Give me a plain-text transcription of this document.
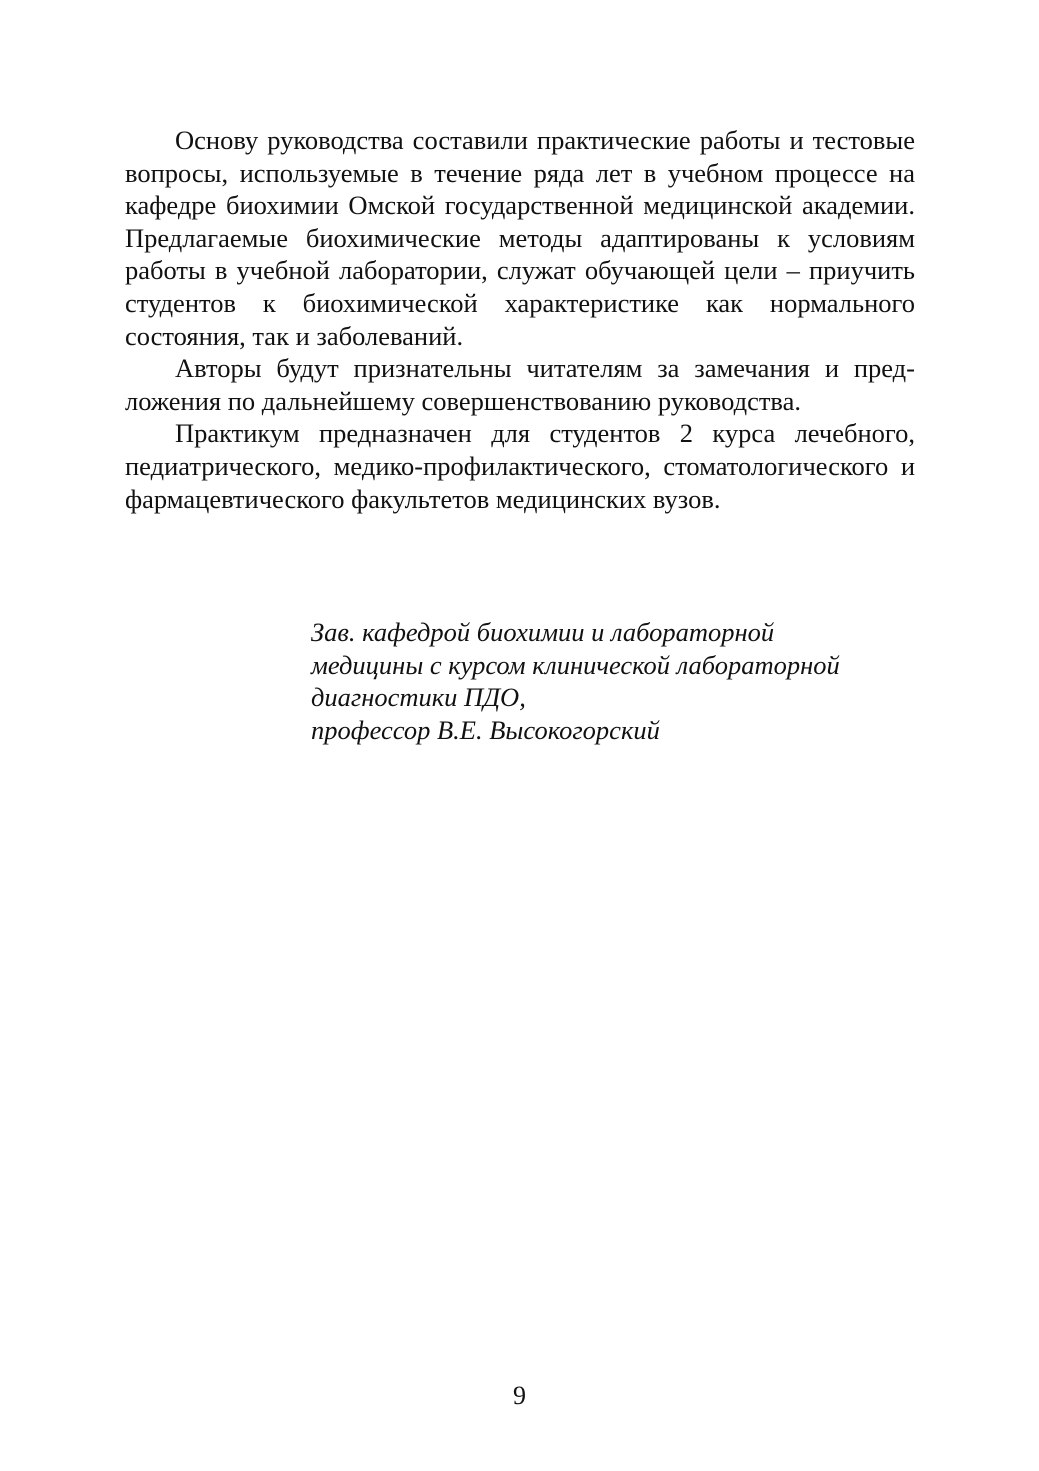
Основу руководства составили практические работы и тестовые вопросы, используемые в течение ряда лет в учебном процессе на кафедре биохимии Омской государственной медицинской академии. Предлагаемые биохимические методы адаптированы к условиям работы в учебной лаборатории, служат обучающей цели – приучить студентов к биохимической характеристике как нормального состояния, так и заболеваний.

Авторы будут признательны читателям за замечания и предложения по дальнейшему совершенствованию руководства.

Практикум предназначен для студентов 2 курса лечебного, педиатрического, медико-профилактического, стоматологического и фармацевтического факультетов медицинских вузов.

Зав. кафедрой биохимии и лабораторной
медицины с курсом клинической лабораторной
диагностики ПДО,
профессор В.Е. Высокогорский
9
